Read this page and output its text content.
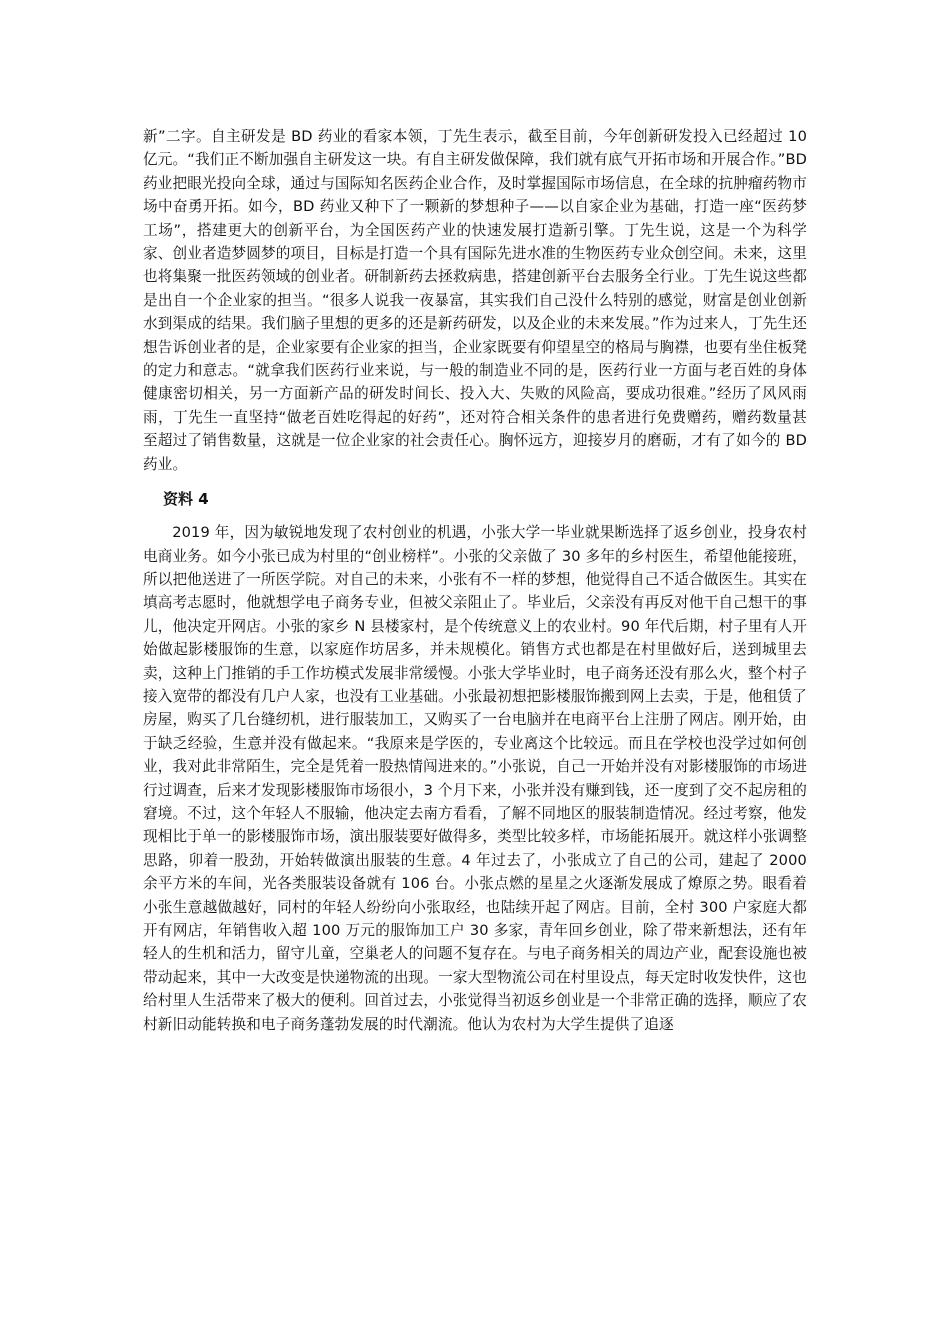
新”二字。自主研发是 BD 药业的看家本领，丁先生表示，截至目前，今年创新研发投入已经超过 10 亿元。“我们正不断加强自主研发这一块。有自主研发做保障，我们就有底气开拓市场和开展合作。”BD 药业把眼光投向全球，通过与国际知名医药企业合作，及时掌握国际市场信息，在全球的抗肿瘤药物市场中奋勇开拓。如今，BD 药业又种下了一颗新的梦想种子——以自家企业为基础，打造一座“医药梦工场”，搭建更大的创新平台，为全国医药产业的快速发展打造新引擎。丁先生说，这是一个为科学家、创业者造梦圆梦的项目，目标是打造一个具有国际先进水准的生物医药专业众创空间。未来，这里也将集聚一批医药领域的创业者。研制新药去拯救病患，搭建创新平台去服务全行业。丁先生说这些都是出自一个企业家的担当。“很多人说我一夜暴富，其实我们自己没什么特别的感觉，财富是创业创新水到渠成的结果。我们脑子里想的更多的还是新药研发，以及企业的未来发展。”作为过来人，丁先生还想告诉创业者的是，企业家要有企业家的担当，企业家既要有仰望星空的格局与胸襟，也要有坐住板凳的定力和意志。“就拿我们医药行业来说，与一般的制造业不同的是，医药行业一方面与老百姓的身体健康密切相关，另一方面新产品的研发时间长、投入大、失败的风险高，要成功很难。”经历了风风雨雨，丁先生一直坚持“做老百姓吃得起的好药”，还对符合相关条件的患者进行免费赠药，赠药数量甚至超过了销售数量，这就是一位企业家的社会责任心。胸怀远方，迎接岁月的磨砺，才有了如今的 BD 药业。

资料 4

2019 年，因为敏锐地发现了农村创业的机遇，小张大学一毕业就果断选择了返乡创业，投身农村电商业务。如今小张已成为村里的“创业榜样”。小张的父亲做了 30 多年的乡村医生，希望他能接班，所以把他送进了一所医学院。对自己的未来，小张有不一样的梦想，他觉得自己不适合做医生。其实在填高考志愿时，他就想学电子商务专业，但被父亲阻止了。毕业后，父亲没有再反对他干自己想干的事儿，他决定开网店。小张的家乡 N 县楼家村，是个传统意义上的农业村。90 年代后期，村子里有人开始做起影楼服饰的生意，以家庭作坊居多，并未规模化。销售方式也都是在村里做好后，送到城里去卖，这种上门推销的手工作坊模式发展非常缓慢。小张大学毕业时，电子商务还没有那么火，整个村子接入宽带的都没有几户人家，也没有工业基础。小张最初想把影楼服饰搬到网上去卖，于是，他租赁了房屋，购买了几台缝纫机，进行服装加工，又购买了一台电脑并在电商平台上注册了网店。刚开始，由于缺乏经验，生意并没有做起来。“我原来是学医的，专业离这个比较远。而且在学校也没学过如何创业，我对此非常陌生，完全是凭着一股热情闯进来的。”小张说，自己一开始并没有对影楼服饰的市场进行过调查，后来才发现影楼服饰市场很小，3 个月下来，小张并没有赚到钱，还一度到了交不起房租的窘境。不过，这个年轻人不服输，他决定去南方看看，了解不同地区的服装制造情况。经过考察，他发现相比于单一的影楼服饰市场，演出服装要好做得多，类型比较多样，市场能拓展开。就这样小张调整思路，卯着一股劲，开始转做演出服装的生意。4 年过去了，小张成立了自己的公司，建起了 2000 余平方米的车间，光各类服装设备就有 106 台。小张点燃的星星之火逐渐发展成了燎原之势。眼看着小张生意越做越好，同村的年轻人纷纷向小张取经，也陆续开起了网店。目前，全村 300 户家庭大都开有网店，年销售收入超 100 万元的服饰加工户 30 多家，青年回乡创业，除了带来新想法，还有年轻人的生机和活力，留守儿童，空巢老人的问题不复存在。与电子商务相关的周边产业，配套设施也被带动起来，其中一大改变是快递物流的出现。一家大型物流公司在村里设点，每天定时收发快件，这也给村里人生活带来了极大的便利。回首过去，小张觉得当初返乡创业是一个非常正确的选择，顺应了农村新旧动能转换和电子商务蓬勃发展的时代潮流。他认为农村为大学生提供了追逐
